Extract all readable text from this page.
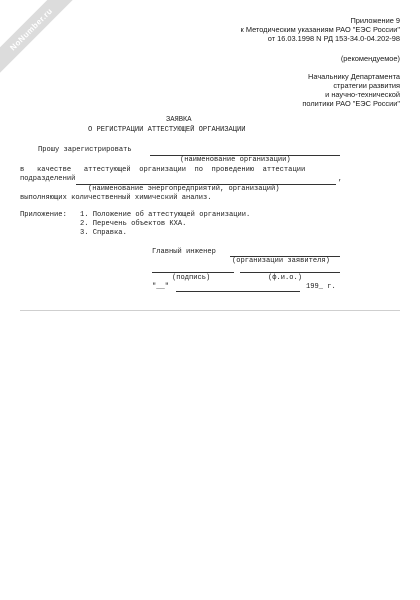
NoNumber.ru	Приложение 9
к Методическим указаниям РАО "ЕЭС России"
от 16.03.1998 N РД 153-34.0-04.202-98
(рекомендуемое)
Начальнику Департамента
стратегии развития
и научно-технической
политики РАО "ЕЭС России"
ЗАЯВКА
О РЕГИСТРАЦИИ АТТЕСТУЮЩЕЙ ОРГАНИЗАЦИИ
Прошу зарегистрировать
(наименование организации)
в   качестве   аттестующей  организации  по  проведению  аттестации
подразделений	,
(наименование энергопредприятий, организаций)
выполняющих количественный химический анализ.
Приложение: 1. Положение об аттестующей организации.
2. Перечень объектов КХА.
3. Справка.
Главный инженер
(организации заявителя)
(подпись)	(ф.и.о.)
"__"	199_ г.
